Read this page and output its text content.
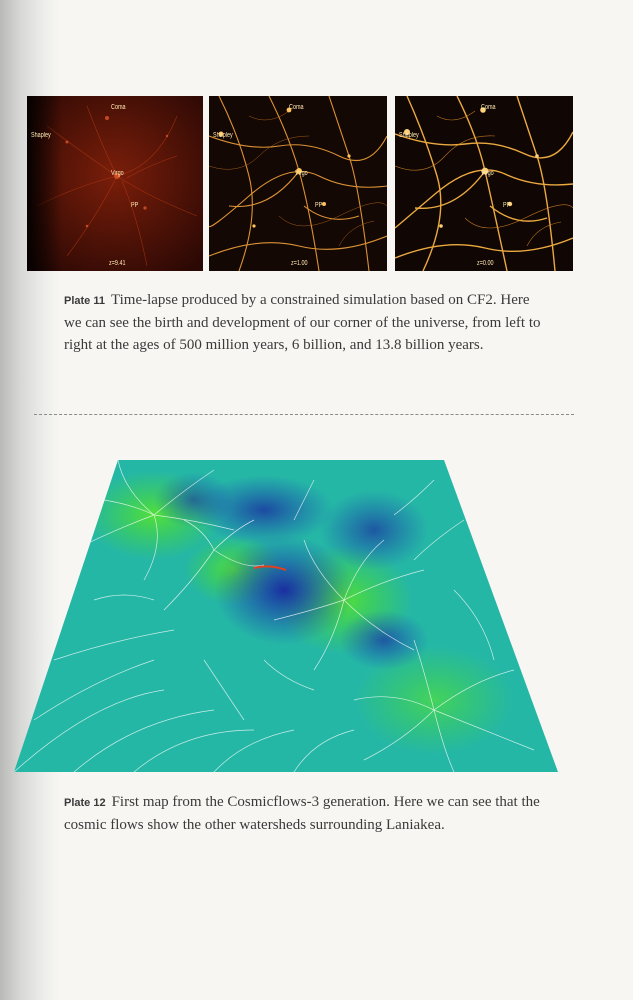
Coma
Shapley
Virgo
PP
z=9.41
Coma
Shapley
Virgo
PP
z=1.00
Coma
Shapley
Virgo
PP
z=0.00
Plate 11 Time-lapse produced by a constrained simulation based on CF2. Here we can see the birth and development of our corner of the universe, from left to right at the ages of 500 million years, 6 billion, and 13.8 billion years.
Plate 12 First map from the Cosmicflows-3 generation. Here we can see that the cosmic flows show the other watersheds surrounding Laniakea.
